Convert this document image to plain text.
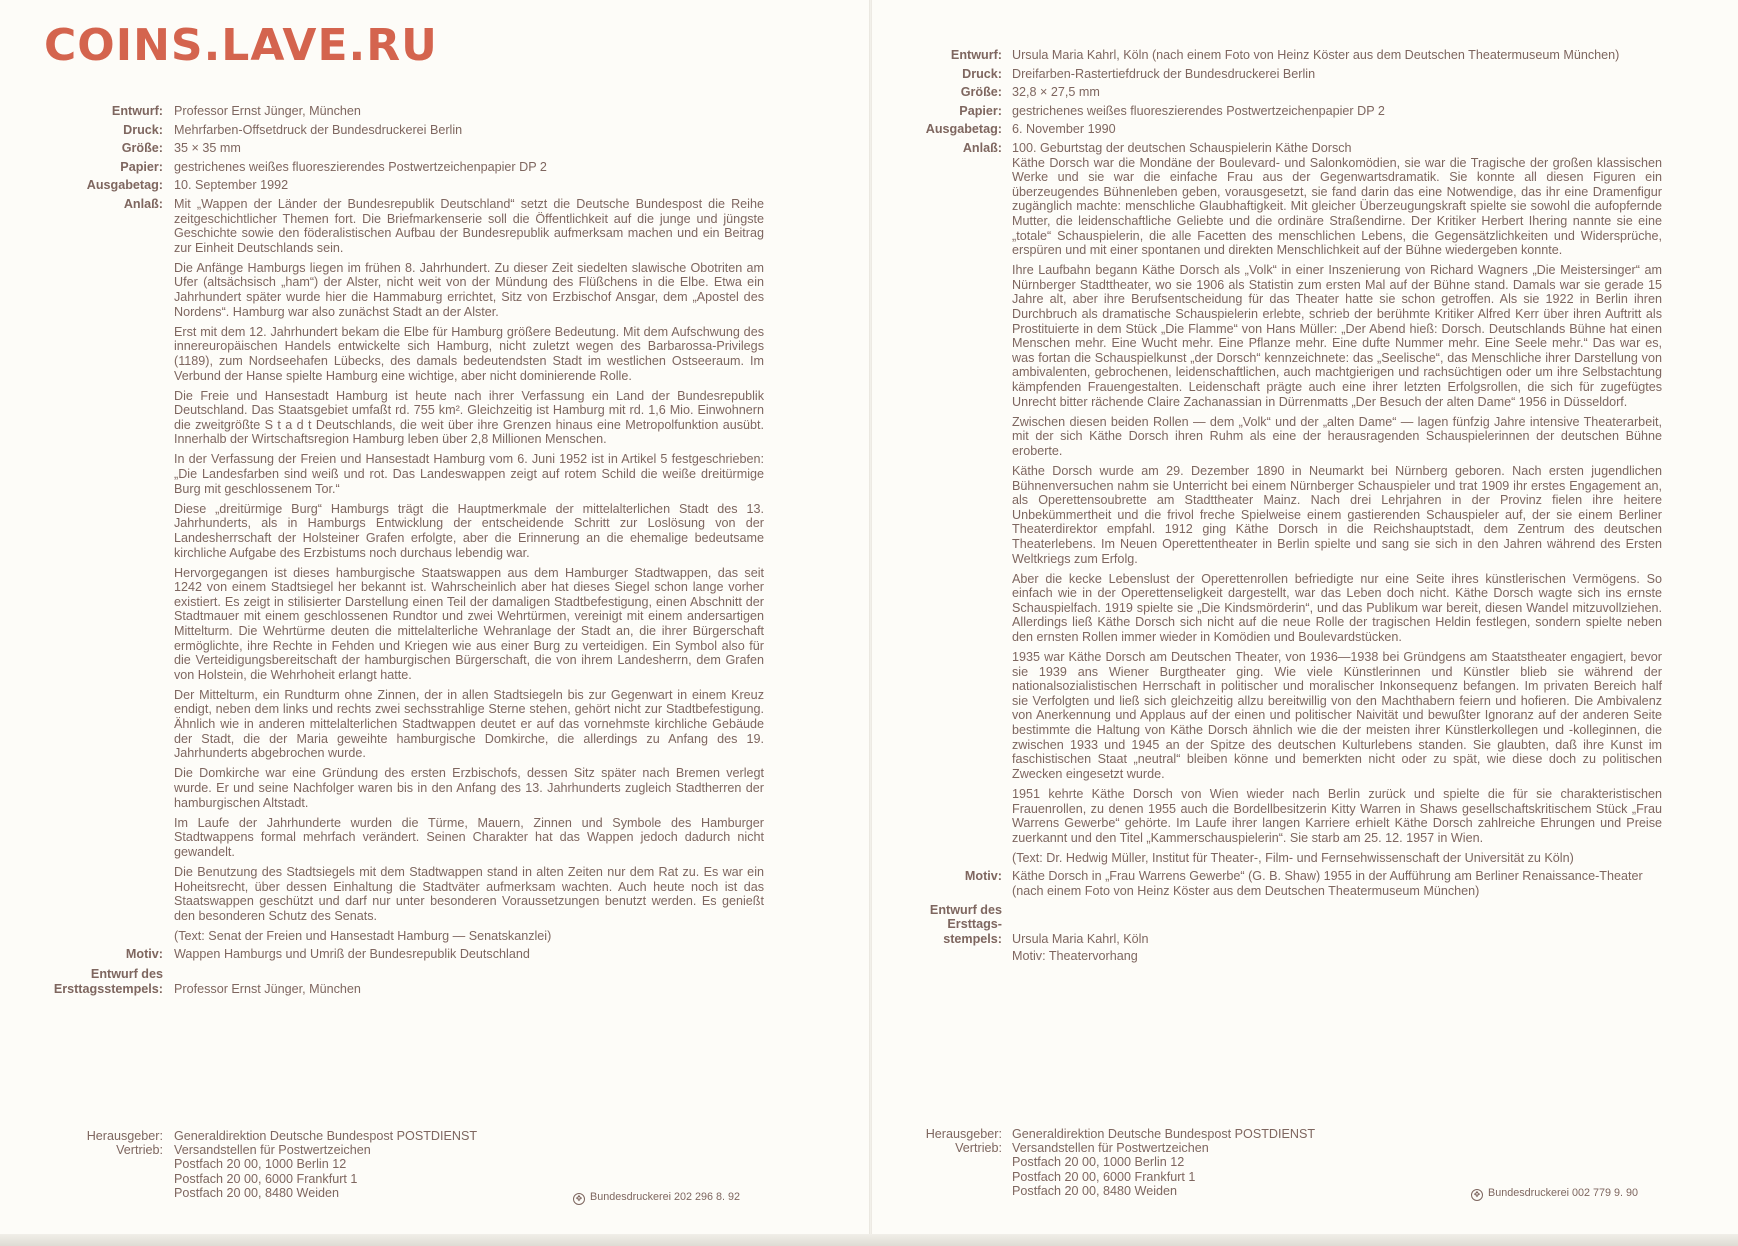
COINS.LAVE.RU
Entwurf: Professor Ernst Jünger, München
Druck: Mehrfarben-Offsetdruck der Bundesdruckerei Berlin
Größe: 35 × 35 mm
Papier: gestrichenes weißes fluoreszierendes Postwertzeichenpapier DP 2
Ausgabetag: 10. September 1992
Anlaß: Mit „Wappen der Länder der Bundesrepublik Deutschland“ setzt die Deutsche Bundespost die Reihe zeitgeschichtlicher Themen fort. Die Briefmarkenserie soll die Öffentlichkeit auf die junge und jüngste Geschichte sowie den föderalistischen Aufbau der Bundesrepublik aufmerksam machen und ein Beitrag zur Einheit Deutschlands sein.

Die Anfänge Hamburgs liegen im frühen 8. Jahrhundert. Zu dieser Zeit siedelten slawische Obotriten am Ufer (altsächsisch „ham“) der Alster, nicht weit von der Mündung des Flüßchens in die Elbe. Etwa ein Jahrhundert später wurde hier die Hammaburg errichtet, Sitz von Erzbischof Ansgar, dem „Apostel des Nordens“. Hamburg war also zunächst Stadt an der Alster.

Erst mit dem 12. Jahrhundert bekam die Elbe für Hamburg größere Bedeutung. Mit dem Aufschwung des innereuropäischen Handels entwickelte sich Hamburg, nicht zuletzt wegen des Barbarossa-Privilegs (1189), zum Nordseehafen Lübecks, des damals bedeutendsten Stadt im westlichen Ostseeraum. Im Verbund der Hanse spielte Hamburg eine wichtige, aber nicht dominierende Rolle.

Die Freie und Hansestadt Hamburg ist heute nach ihrer Verfassung ein Land der Bundesrepublik Deutschland. Das Staatsgebiet umfaßt rd. 755 km². Gleichzeitig ist Hamburg mit rd. 1,6 Mio. Einwohnern die zweitgrößte S t a d t Deutschlands, die weit über ihre Grenzen hinaus eine Metropolfunktion ausübt. Innerhalb der Wirtschaftsregion Hamburg leben über 2,8 Millionen Menschen.

In der Verfassung der Freien und Hansestadt Hamburg vom 6. Juni 1952 ist in Artikel 5 festgeschrieben: „Die Landesfarben sind weiß und rot. Das Landeswappen zeigt auf rotem Schild die weiße dreitürmige Burg mit geschlossenem Tor.“

Diese „dreitürmige Burg“ Hamburgs trägt die Hauptmerkmale der mittelalterlichen Stadt des 13. Jahrhunderts, als in Hamburgs Entwicklung der entscheidende Schritt zur Loslösung von der Landesherrschaft der Holsteiner Grafen erfolgte, aber die Erinnerung an die ehemalige bedeutsame kirchliche Aufgabe des Erzbistums noch durchaus lebendig war.

Hervorgegangen ist dieses hamburgische Staatswappen aus dem Hamburger Stadtwappen, das seit 1242 von einem Stadtsiegel her bekannt ist. Wahrscheinlich aber hat dieses Siegel schon lange vorher existiert. Es zeigt in stilisierter Darstellung einen Teil der damaligen Stadtbefestigung, einen Abschnitt der Stadtmauer mit einem geschlossenen Rundtor und zwei Wehrtürmen, vereinigt mit einem andersartigen Mittelturm. Die Wehrtürme deuten die mittelalterliche Wehranlage der Stadt an, die ihrer Bürgerschaft ermöglichte, ihre Rechte in Fehden und Kriegen wie aus einer Burg zu verteidigen. Ein Symbol also für die Verteidigungsbereitschaft der hamburgischen Bürgerschaft, die von ihrem Landesherrn, dem Grafen von Holstein, die Wehrhoheit erlangt hatte.

Der Mittelturm, ein Rundturm ohne Zinnen, der in allen Stadtsiegeln bis zur Gegenwart in einem Kreuz endigt, neben dem links und rechts zwei sechsstrahlige Sterne stehen, gehört nicht zur Stadtbefestigung. Ähnlich wie in anderen mittelalterlichen Stadtwappen deutet er auf das vornehmste kirchliche Gebäude der Stadt, die der Maria geweihte hamburgische Domkirche, die allerdings zu Anfang des 19. Jahrhunderts abgebrochen wurde.

Die Domkirche war eine Gründung des ersten Erzbischofs, dessen Sitz später nach Bremen verlegt wurde. Er und seine Nachfolger waren bis in den Anfang des 13. Jahrhunderts zugleich Stadtherren der hamburgischen Altstadt.

Im Laufe der Jahrhunderte wurden die Türme, Mauern, Zinnen und Symbole des Hamburger Stadtwappens formal mehrfach verändert. Seinen Charakter hat das Wappen jedoch dadurch nicht gewandelt.

Die Benutzung des Stadtsiegels mit dem Stadtwappen stand in alten Zeiten nur dem Rat zu. Es war ein Hoheitsrecht, über dessen Einhaltung die Stadtväter aufmerksam wachten. Auch heute noch ist das Staatswappen geschützt und darf nur unter besonderen Voraussetzungen benutzt werden. Es genießt den besonderen Schutz des Senats.

(Text: Senat der Freien und Hansestadt Hamburg — Senatskanzlei)

Motiv: Wappen Hamburgs und Umriß der Bundesrepublik Deutschland
Entwurf des
Ersttagsstempels: Professor Ernst Jünger, München
Herausgeber:
Vertrieb:
Generaldirektion Deutsche Bundespost POSTDIENST
Versandstellen für Postwertzeichen
Postfach 20 00, 1000 Berlin 12
Postfach 20 00, 6000 Frankfurt 1
Postfach 20 00, 8480 Weiden	✥ Bundesdruckerei 202 296 8. 92
Entwurf: Ursula Maria Kahrl, Köln (nach einem Foto von Heinz Köster aus dem Deutschen Theatermuseum München)
Druck: Dreifarben-Rastertiefdruck der Bundesdruckerei Berlin
Größe: 32,8 × 27,5 mm
Papier: gestrichenes weißes fluoreszierendes Postwertzeichenpapier DP 2
Ausgabetag: 6. November 1990
Anlaß: 100. Geburtstag der deutschen Schauspielerin Käthe Dorsch

Käthe Dorsch war die Mondäne der Boulevard- und Salonkomödien, sie war die Tragische der großen klassischen Werke und sie war die einfache Frau aus der Gegenwartsdramatik. Sie konnte all diesen Figuren ein überzeugendes Bühnenleben geben, vorausgesetzt, sie fand darin das eine Notwendige, das ihr eine Dramenfigur zugänglich machte: menschliche Glaubhaftigkeit. Mit gleicher Überzeugungskraft spielte sie sowohl die aufopfernde Mutter, die leidenschaftliche Geliebte und die ordinäre Straßendirne. Der Kritiker Herbert Ihering nannte sie eine „totale“ Schauspielerin, die alle Facetten des menschlichen Lebens, die Gegensätzlichkeiten und Widersprüche, erspüren und mit einer spontanen und direkten Menschlichkeit auf der Bühne wiedergeben konnte.

Ihre Laufbahn begann Käthe Dorsch als „Volk“ in einer Inszenierung von Richard Wagners „Die Meistersinger“ am Nürnberger Stadttheater, wo sie 1906 als Statistin zum ersten Mal auf der Bühne stand. Damals war sie gerade 15 Jahre alt, aber ihre Berufsentscheidung für das Theater hatte sie schon getroffen. Als sie 1922 in Berlin ihren Durchbruch als dramatische Schauspielerin erlebte, schrieb der berühmte Kritiker Alfred Kerr über ihren Auftritt als Prostituierte in dem Stück „Die Flamme“ von Hans Müller: „Der Abend hieß: Dorsch. Deutschlands Bühne hat einen Menschen mehr. Eine Wucht mehr. Eine Pflanze mehr. Eine dufte Nummer mehr. Eine Seele mehr.“ Das war es, was fortan die Schauspielkunst „der Dorsch“ kennzeichnete: das „Seelische“, das Menschliche ihrer Darstellung von ambivalenten, gebrochenen, leidenschaftlichen, auch machtgierigen und rachsüchtigen oder um ihre Selbstachtung kämpfenden Frauengestalten. Leidenschaft prägte auch eine ihrer letzten Erfolgsrollen, die sich für zugefügtes Unrecht bitter rächende Claire Zachanassian in Dürrenmatts „Der Besuch der alten Dame“ 1956 in Düsseldorf.

Zwischen diesen beiden Rollen — dem „Volk“ und der „alten Dame“ — lagen fünfzig Jahre intensive Theaterarbeit, mit der sich Käthe Dorsch ihren Ruhm als eine der herausragenden Schauspielerinnen der deutschen Bühne eroberte.

Käthe Dorsch wurde am 29. Dezember 1890 in Neumarkt bei Nürnberg geboren. Nach ersten jugendlichen Bühnenversuchen nahm sie Unterricht bei einem Nürnberger Schauspieler und trat 1909 ihr erstes Engagement an, als Operettensoubrette am Stadttheater Mainz. Nach drei Lehrjahren in der Provinz fielen ihre heitere Unbekümmertheit und die frivol freche Spielweise einem gastierenden Schauspieler auf, der sie einem Berliner Theaterdirektor empfahl. 1912 ging Käthe Dorsch in die Reichshauptstadt, dem Zentrum des deutschen Theaterlebens. Im Neuen Operettentheater in Berlin spielte und sang sie sich in den Jahren während des Ersten Weltkriegs zum Erfolg.

Aber die kecke Lebenslust der Operettenrollen befriedigte nur eine Seite ihres künstlerischen Vermögens. So einfach wie in der Operettenseligkeit dargestellt, war das Leben doch nicht. Käthe Dorsch wagte sich ins ernste Schauspielfach. 1919 spielte sie „Die Kindsmörderin“, und das Publikum war bereit, diesen Wandel mitzuvollziehen. Allerdings ließ Käthe Dorsch sich nicht auf die neue Rolle der tragischen Heldin festlegen, sondern spielte neben den ernsten Rollen immer wieder in Komödien und Boulevardstücken.

1935 war Käthe Dorsch am Deutschen Theater, von 1936—1938 bei Gründgens am Staatstheater engagiert, bevor sie 1939 ans Wiener Burgtheater ging. Wie viele Künstlerinnen und Künstler blieb sie während der nationalsozialistischen Herrschaft in politischer und moralischer Inkonsequenz befangen. Im privaten Bereich half sie Verfolgten und ließ sich gleichzeitig allzu bereitwillig von den Machthabern feiern und hofieren. Die Ambivalenz von Anerkennung und Applaus auf der einen und politischer Naivität und bewußter Ignoranz auf der anderen Seite bestimmte die Haltung von Käthe Dorsch ähnlich wie die der meisten ihrer Künstlerkollegen und -kolleginnen, die zwischen 1933 und 1945 an der Spitze des deutschen Kulturlebens standen. Sie glaubten, daß ihre Kunst im faschistischen Staat „neutral“ bleiben könne und bemerkten nicht oder zu spät, wie diese doch zu politischen Zwecken eingesetzt wurde.

1951 kehrte Käthe Dorsch von Wien wieder nach Berlin zurück und spielte die für sie charakteristischen Frauenrollen, zu denen 1955 auch die Bordellbesitzerin Kitty Warren in Shaws gesellschaftskritischem Stück „Frau Warrens Gewerbe“ gehörte. Im Laufe ihrer langen Karriere erhielt Käthe Dorsch zahlreiche Ehrungen und Preise zuerkannt und den Titel „Kammerschauspielerin“. Sie starb am 25. 12. 1957 in Wien.

(Text: Dr. Hedwig Müller, Institut für Theater-, Film- und Fernsehwissenschaft der Universität zu Köln)

Motiv: Käthe Dorsch in „Frau Warrens Gewerbe“ (G. B. Shaw) 1955 in der Aufführung am Berliner Renaissance-Theater (nach einem Foto von Heinz Köster aus dem Deutschen Theatermuseum München)
Entwurf des
Ersttags-
stempels: Ursula Maria Kahrl, Köln
Motiv: Theatervorhang
Herausgeber:
Vertrieb:
Generaldirektion Deutsche Bundespost POSTDIENST
Versandstellen für Postwertzeichen
Postfach 20 00, 1000 Berlin 12
Postfach 20 00, 6000 Frankfurt 1
Postfach 20 00, 8480 Weiden	✥ Bundesdruckerei 002 779 9. 90
